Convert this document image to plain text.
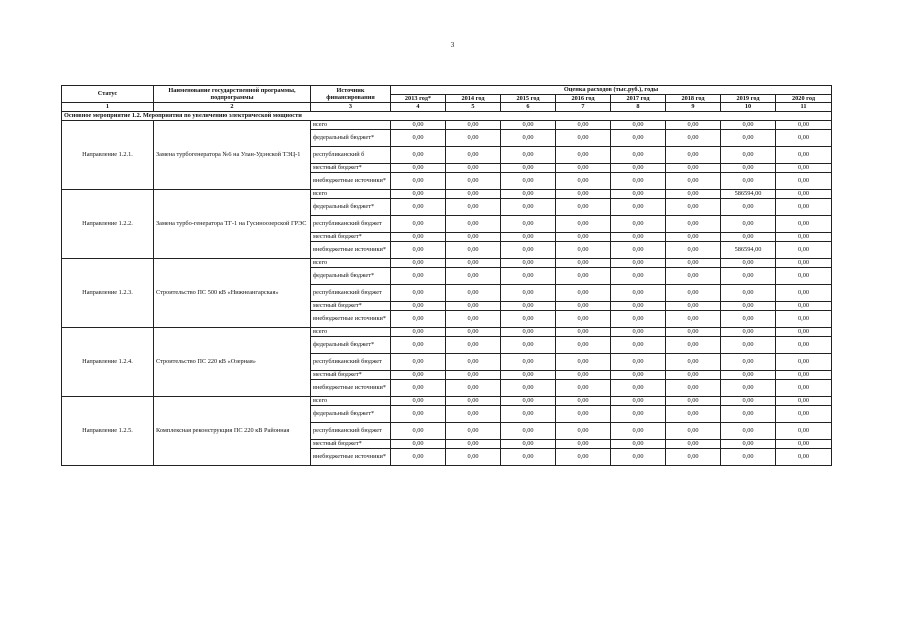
3
Статус	Наименование государственной программы, подпрограммы	Источник финансирования	Оценка расходов (тыс.руб.), годы							
			2013 год*	2014 год	2015 год	2016 год	2017 год	2018 год	2019 год	2020 год
1	2	3	4	5	6	7	8	9	10	11
Основное мероприятие 1.2. Мероприятия по увеличению электрической мощности										
Направление 1.2.1.	Замена турбогенератора №6 на Улан-Удэнской ТЭЦ-1	всего	0,00	0,00	0,00	0,00	0,00	0,00	0,00	0,00
		федеральный бюджет*	0,00	0,00	0,00	0,00	0,00	0,00	0,00	0,00
		республиканский б	0,00	0,00	0,00	0,00	0,00	0,00	0,00	0,00
		местный бюджет*	0,00	0,00	0,00	0,00	0,00	0,00	0,00	0,00
		внебюджетные источники*	0,00	0,00	0,00	0,00	0,00	0,00	0,00	0,00
Направление 1.2.2.	Замена турбо-генератора ТГ-1 на Гусиноозерской ГРЭС	всего	0,00	0,00	0,00	0,00	0,00	0,00	586594,00	0,00
		федеральный бюджет*	0,00	0,00	0,00	0,00	0,00	0,00	0,00	0,00
		республиканский бюджет	0,00	0,00	0,00	0,00	0,00	0,00	0,00	0,00
		местный бюджет*	0,00	0,00	0,00	0,00	0,00	0,00	0,00	0,00
		внебюджетные источники*	0,00	0,00	0,00	0,00	0,00	0,00	586594,00	0,00
Направление 1.2.3.	Строительство ПС 500 кВ «Нижнеангарская»	всего	0,00	0,00	0,00	0,00	0,00	0,00	0,00	0,00
		федеральный бюджет*	0,00	0,00	0,00	0,00	0,00	0,00	0,00	0,00
		республиканский бюджет	0,00	0,00	0,00	0,00	0,00	0,00	0,00	0,00
		местный бюджет*	0,00	0,00	0,00	0,00	0,00	0,00	0,00	0,00
		внебюджетные источники*	0,00	0,00	0,00	0,00	0,00	0,00	0,00	0,00
Направление 1.2.4.	Строительство ПС 220 кВ «Озерная»	всего	0,00	0,00	0,00	0,00	0,00	0,00	0,00	0,00
		федеральный бюджет*	0,00	0,00	0,00	0,00	0,00	0,00	0,00	0,00
		республиканский бюджет	0,00	0,00	0,00	0,00	0,00	0,00	0,00	0,00
		местный бюджет*	0,00	0,00	0,00	0,00	0,00	0,00	0,00	0,00
		внебюджетные источники*	0,00	0,00	0,00	0,00	0,00	0,00	0,00	0,00
Направление 1.2.5.	Комплексная реконструкция ПС 220 кВ Районная	всего	0,00	0,00	0,00	0,00	0,00	0,00	0,00	0,00
		федеральный бюджет*	0,00	0,00	0,00	0,00	0,00	0,00	0,00	0,00
		республиканский бюджет	0,00	0,00	0,00	0,00	0,00	0,00	0,00	0,00
		местный бюджет*	0,00	0,00	0,00	0,00	0,00	0,00	0,00	0,00
		внебюджетные источники*	0,00	0,00	0,00	0,00	0,00	0,00	0,00	0,00
